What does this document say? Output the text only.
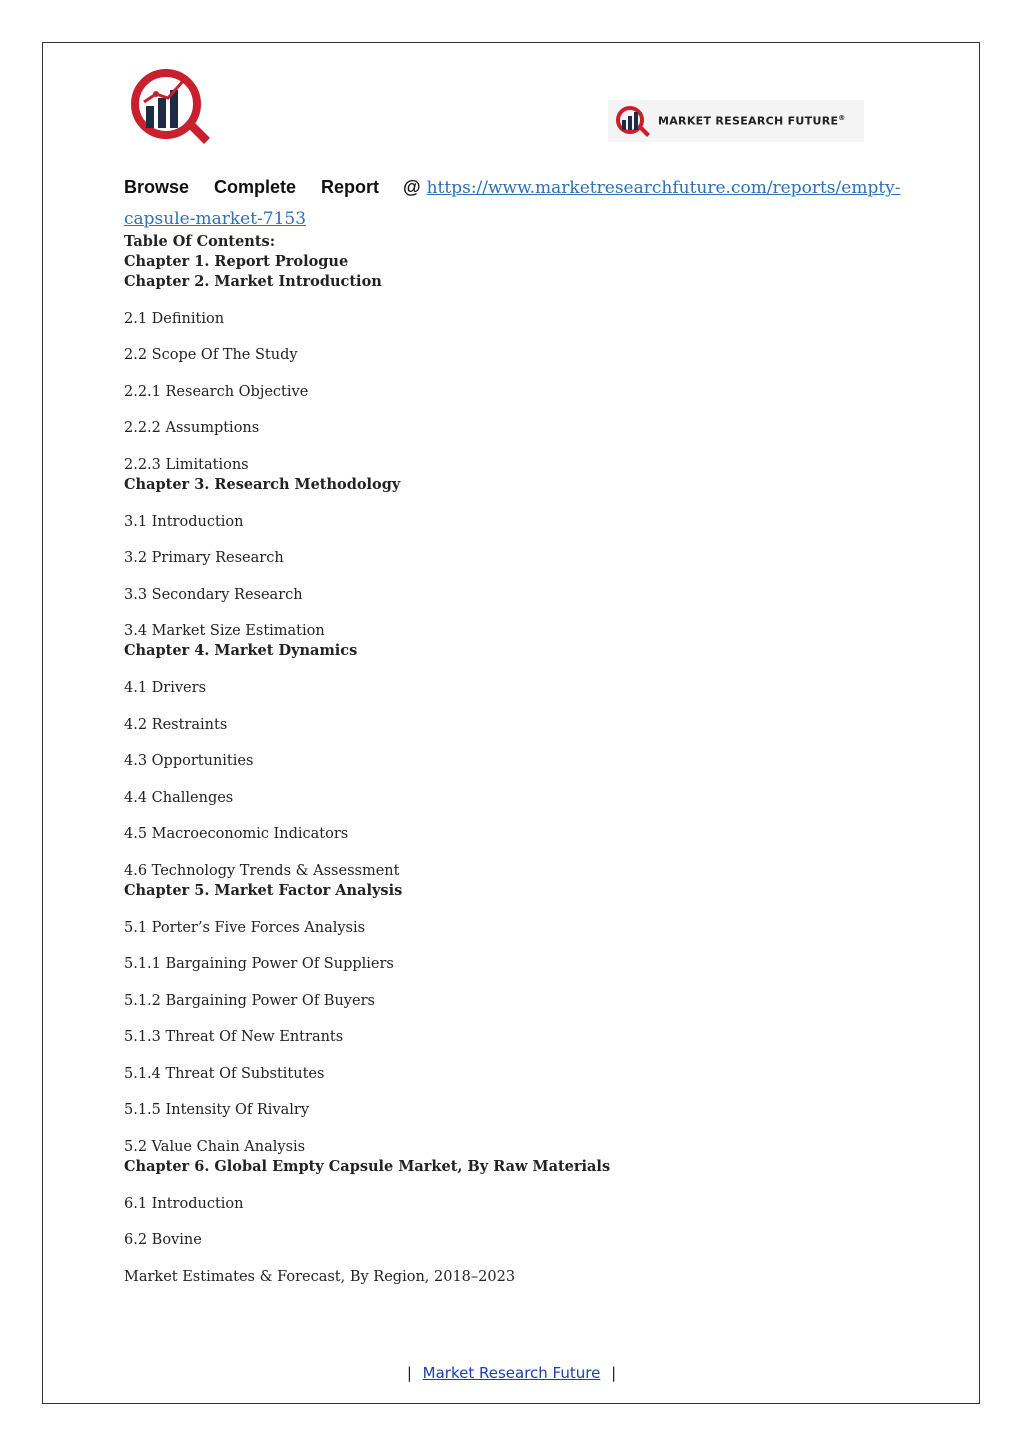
MARKET RESEARCH FUTURE®
Browse Complete Report @ https://www.marketresearchfuture.com/reports/empty-
capsule-market-7153
Table Of Contents:
Chapter 1. Report Prologue
Chapter 2. Market Introduction
2.1 Definition
2.2 Scope Of The Study
2.2.1 Research Objective
2.2.2 Assumptions
2.2.3 Limitations
Chapter 3. Research Methodology
3.1 Introduction
3.2 Primary Research
3.3 Secondary Research
3.4 Market Size Estimation
Chapter 4. Market Dynamics
4.1 Drivers
4.2 Restraints
4.3 Opportunities
4.4 Challenges
4.5 Macroeconomic Indicators
4.6 Technology Trends & Assessment
Chapter 5. Market Factor Analysis
5.1 Porter’s Five Forces Analysis
5.1.1 Bargaining Power Of Suppliers
5.1.2 Bargaining Power Of Buyers
5.1.3 Threat Of New Entrants
5.1.4 Threat Of Substitutes
5.1.5 Intensity Of Rivalry
5.2 Value Chain Analysis
Chapter 6. Global Empty Capsule Market, By Raw Materials
6.1 Introduction
6.2 Bovine
Market Estimates & Forecast, By Region, 2018–2023
| Market Research Future |
